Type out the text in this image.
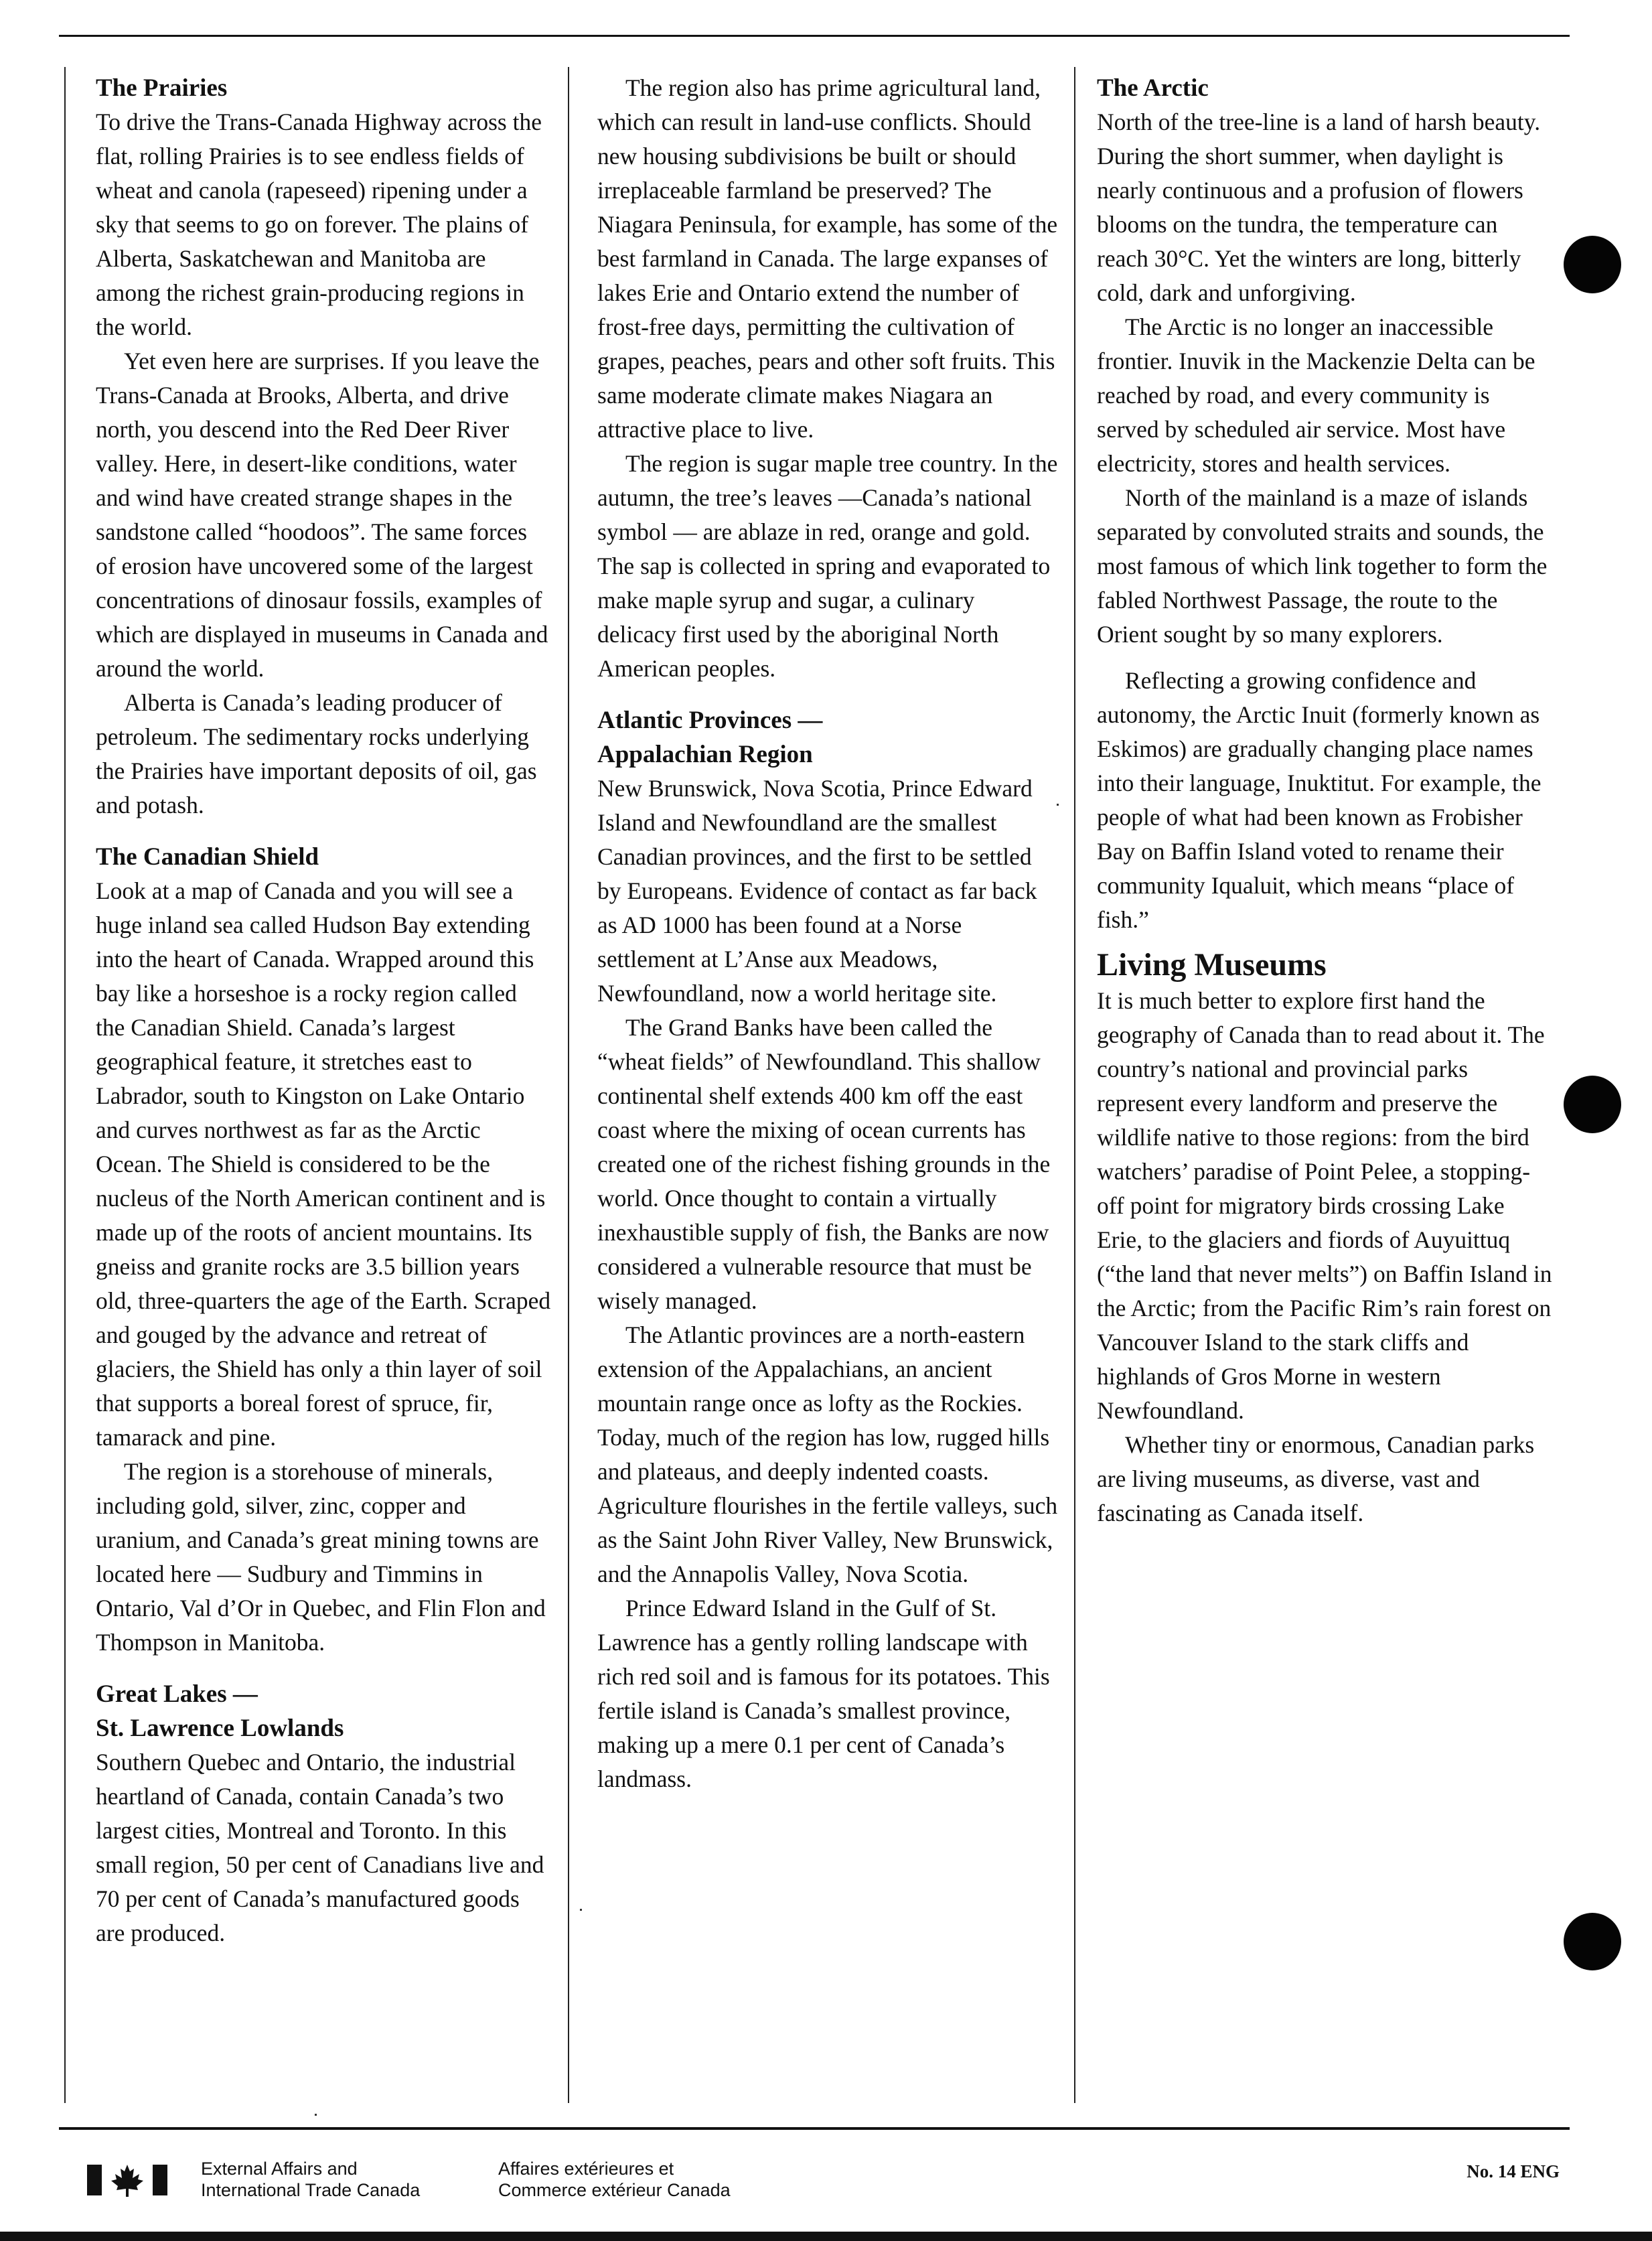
The Prairies

To drive the Trans-Canada Highway across the flat, rolling Prairies is to see endless fields of wheat and canola (rapeseed) ripening under a sky that seems to go on forever. The plains of Alberta, Saskatchewan and Manitoba are among the richest grain-producing regions in the world.

Yet even here are surprises. If you leave the Trans-Canada at Brooks, Alberta, and drive north, you descend into the Red Deer River valley. Here, in desert-like conditions, water and wind have created strange shapes in the sandstone called “hoodoos”. The same forces of erosion have uncovered some of the largest concentrations of dinosaur fossils, examples of which are displayed in museums in Canada and around the world.

Alberta is Canada’s leading producer of petroleum. The sedimentary rocks underlying the Prairies have important deposits of oil, gas and potash.

The Canadian Shield

Look at a map of Canada and you will see a huge inland sea called Hudson Bay extending into the heart of Canada. Wrapped around this bay like a horseshoe is a rocky region called the Canadian Shield. Canada’s largest geographical feature, it stretches east to Labrador, south to Kingston on Lake Ontario and curves northwest as far as the Arctic Ocean. The Shield is considered to be the nucleus of the North American continent and is made up of the roots of ancient mountains. Its gneiss and granite rocks are 3.5 billion years old, three-quarters the age of the Earth. Scraped and gouged by the advance and retreat of glaciers, the Shield has only a thin layer of soil that supports a boreal forest of spruce, fir, tamarack and pine.

The region is a storehouse of minerals, including gold, silver, zinc, copper and uranium, and Canada’s great mining towns are located here — Sudbury and Timmins in Ontario, Val d’Or in Quebec, and Flin Flon and Thompson in Manitoba.

Great Lakes —
St. Lawrence Lowlands

Southern Quebec and Ontario, the industrial heartland of Canada, contain Canada’s two largest cities, Montreal and Toronto. In this small region, 50 per cent of Canadians live and 70 per cent of Canada’s manufactured goods are produced.

The region also has prime agricultural land, which can result in land-use conflicts. Should new housing subdivisions be built or should irreplaceable farmland be preserved? The Niagara Peninsula, for example, has some of the best farmland in Canada. The large expanses of lakes Erie and Ontario extend the number of frost-free days, permitting the cultivation of grapes, peaches, pears and other soft fruits. This same moderate climate makes Niagara an attractive place to live.

The region is sugar maple tree country. In the autumn, the tree’s leaves —Canada’s national symbol — are ablaze in red, orange and gold. The sap is collected in spring and evaporated to make maple syrup and sugar, a culinary delicacy first used by the aboriginal North American peoples.

Atlantic Provinces —
Appalachian Region

New Brunswick, Nova Scotia, Prince Edward Island and Newfoundland are the smallest Canadian provinces, and the first to be settled by Europeans. Evidence of contact as far back as AD 1000 has been found at a Norse settlement at L’Anse aux Meadows, Newfoundland, now a world heritage site.

The Grand Banks have been called the “wheat fields” of Newfoundland. This shallow continental shelf extends 400 km off the east coast where the mixing of ocean currents has created one of the richest fishing grounds in the world. Once thought to contain a virtually inexhaustible supply of fish, the Banks are now considered a vulnerable resource that must be wisely managed.

The Atlantic provinces are a north-eastern extension of the Appalachians, an ancient mountain range once as lofty as the Rockies. Today, much of the region has low, rugged hills and plateaus, and deeply indented coasts. Agriculture flourishes in the fertile valleys, such as the Saint John River Valley, New Brunswick, and the Annapolis Valley, Nova Scotia.

Prince Edward Island in the Gulf of St. Lawrence has a gently rolling landscape with rich red soil and is famous for its potatoes. This fertile island is Canada’s smallest province, making up a mere 0.1 per cent of Canada’s landmass.

The Arctic

North of the tree-line is a land of harsh beauty. During the short summer, when daylight is nearly continuous and a profusion of flowers blooms on the tundra, the temperature can reach 30°C. Yet the winters are long, bitterly cold, dark and unforgiving.

The Arctic is no longer an inaccessible frontier. Inuvik in the Mackenzie Delta can be reached by road, and every community is served by scheduled air service. Most have electricity, stores and health services.

North of the mainland is a maze of islands separated by convoluted straits and sounds, the most famous of which link together to form the fabled Northwest Passage, the route to the Orient sought by so many explorers.

Reflecting a growing confidence and autonomy, the Arctic Inuit (formerly known as Eskimos) are gradually changing place names into their language, Inuktitut. For example, the people of what had been known as Frobisher Bay on Baffin Island voted to rename their community Iqualuit, which means “place of fish.”

Living Museums

It is much better to explore first hand the geography of Canada than to read about it. The country’s national and provincial parks represent every landform and preserve the wildlife native to those regions: from the bird watchers’ paradise of Point Pelee, a stopping-off point for migratory birds crossing Lake Erie, to the glaciers and fiords of Auyuittuq (“the land that never melts”) on Baffin Island in the Arctic; from the Pacific Rim’s rain forest on Vancouver Island to the stark cliffs and highlands of Gros Morne in western Newfoundland.

Whether tiny or enormous, Canadian parks are living museums, as diverse, vast and fascinating as Canada itself.

External Affairs and
International Trade Canada
Affaires extérieures et
Commerce extérieur Canada
No. 14 ENG
